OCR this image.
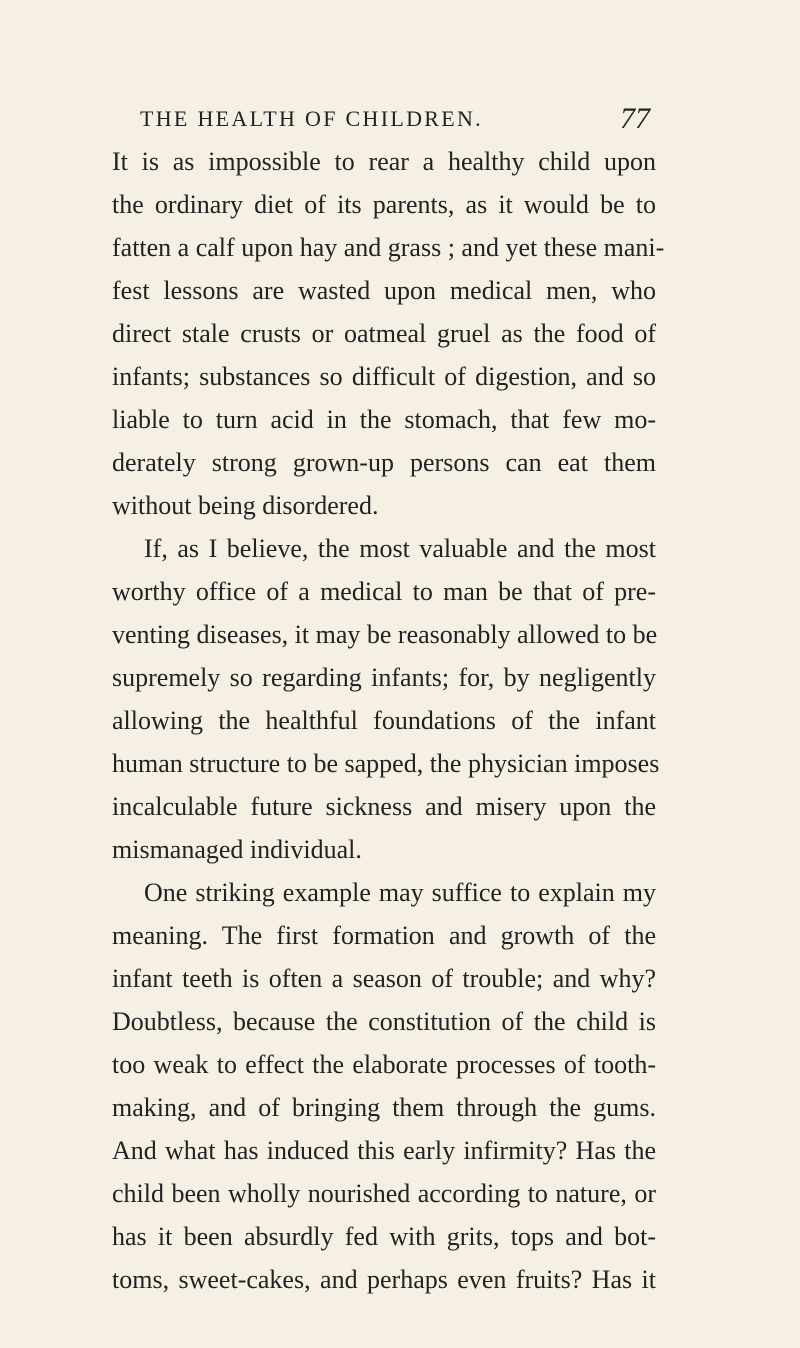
THE HEALTH OF CHILDREN.	77
It is as impossible to rear a healthy child upon
the ordinary diet of its parents, as it would be to
fatten a calf upon hay and grass ; and yet these mani-
fest lessons are wasted upon medical men, who
direct stale crusts or oatmeal gruel as the food of
infants; substances so difficult of digestion, and so
liable to turn acid in the stomach, that few mo-
derately strong grown-up persons can eat them
without being disordered.
If, as I believe, the most valuable and the most
worthy office of a medical to man be that of pre-
venting diseases, it may be reasonably allowed to be
supremely so regarding infants; for, by negligently
allowing the healthful foundations of the infant
human structure to be sapped, the physician imposes
incalculable future sickness and misery upon the
mismanaged individual.
One striking example may suffice to explain my
meaning. The first formation and growth of the
infant teeth is often a season of trouble; and why?
Doubtless, because the constitution of the child is
too weak to effect the elaborate processes of tooth-
making, and of bringing them through the gums.
And what has induced this early infirmity? Has the
child been wholly nourished according to nature, or
has it been absurdly fed with grits, tops and bot-
toms, sweet-cakes, and perhaps even fruits? Has it
